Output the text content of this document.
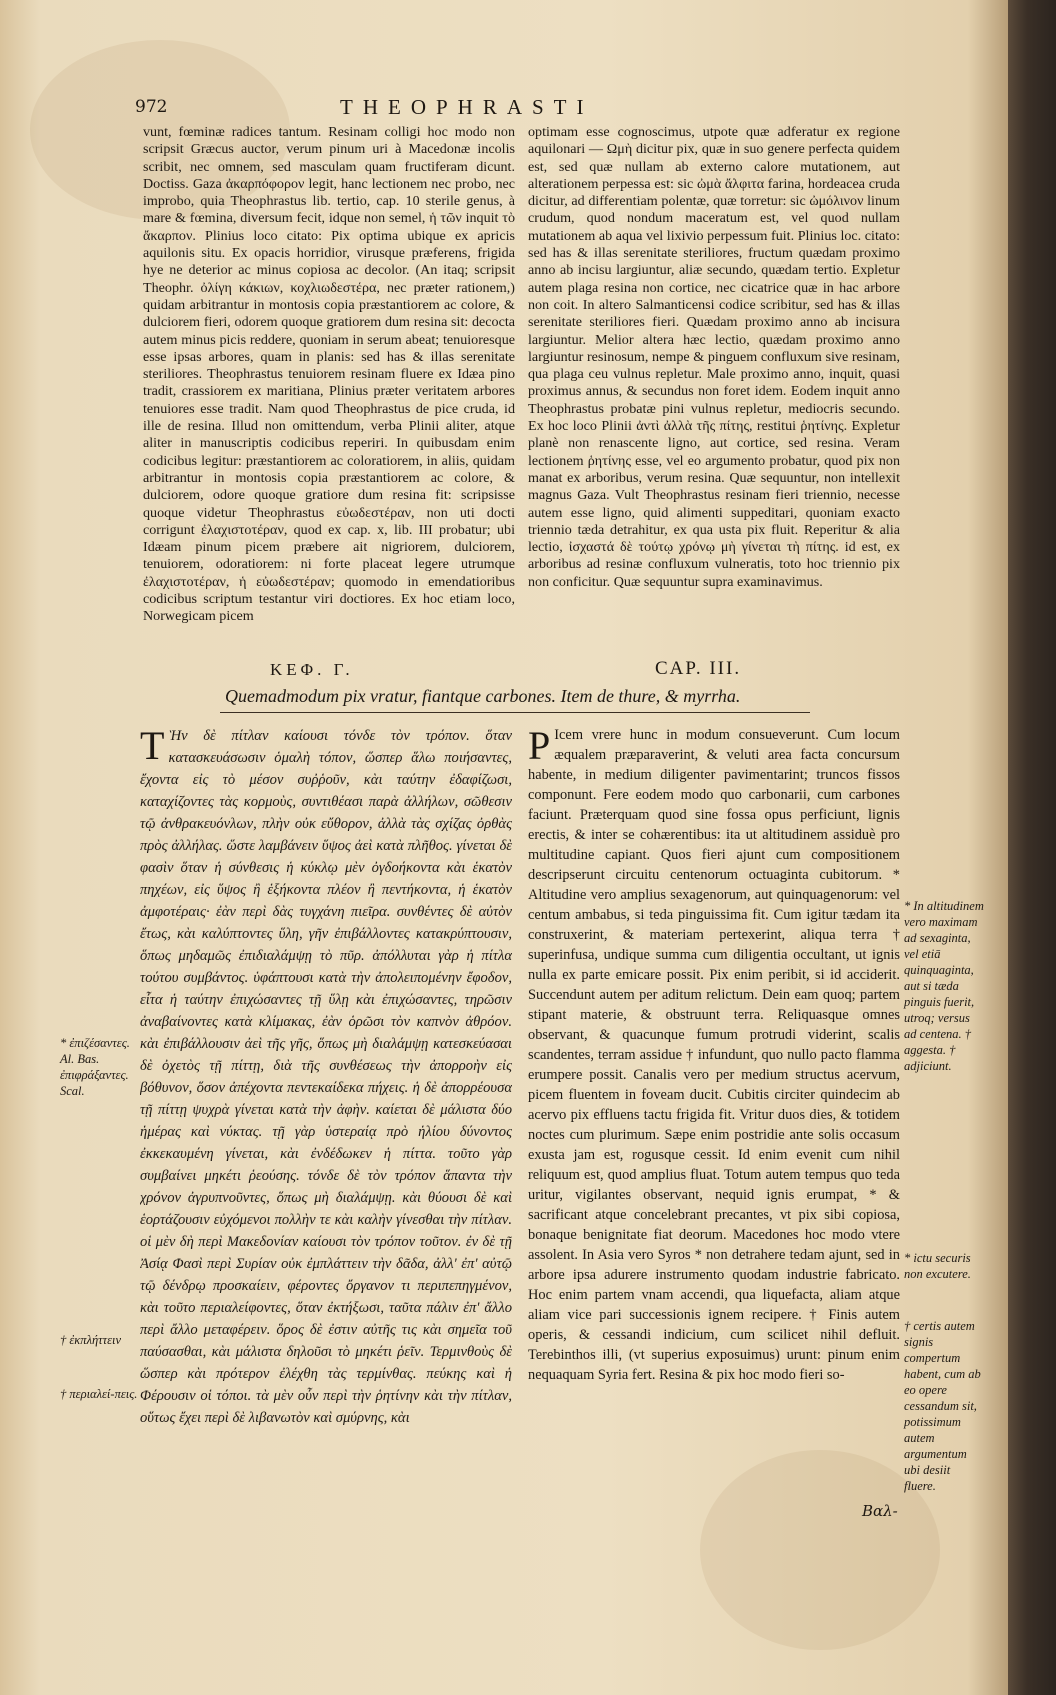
972	THEOPHRASTI
vunt, fœminæ radices tantum. Resinam colligi hoc modo non scripsit Græcus auctor, verum pinum uri à Macedonæ incolis scribit, nec omnem, sed masculam quam fructiferam dicunt. Doctiss. Gaza ἀκαρπόφορον legit, hanc lectionem nec probo, nec improbo, quia Theophrastus lib. tertio, cap. 10 sterile genus, à mare & fœmina, diversum fecit, idque non semel, ἡ τῶν inquit τὸ ἄκαρπον. Plinius loco citato: Pix optima ubique ex apricis aquilonis situ. Ex opacis horridior, virusque præferens, frigida hye ne deterior ac minus copiosa ac decolor. (An itaq; scripsit Theophr. ὀλίγη κάκιων, κοχλιωδεστέρα, nec præter rationem,) quidam arbitrantur in montosis copia præstantiorem ac colore, & dulciorem fieri, odorem quoque gratiorem dum resina sit: decocta autem minus picis reddere, quoniam in serum abeat; tenuioresque esse ipsas arbores, quam in planis: sed has & illas serenitate steriliores. Theophrastus tenuiorem resinam fluere ex Idæa pino tradit, crassiorem ex maritiana, Plinius præter veritatem arbores tenuiores esse tradit. Nam quod Theophrastus de pice cruda, id ille de resina. Illud non omittendum, verba Plinii aliter, atque aliter in manuscriptis codicibus reperiri. In quibusdam enim codicibus legitur: præstantiorem ac coloratiorem, in aliis, quidam arbitrantur in montosis copia præstantiorem ac colore, & dulciorem, odore quoque gratiore dum resina fit: scripsisse quoque videtur Theophrastus εὐωδεστέραν, non uti docti corrigunt ἐλαχιστοτέραν, quod ex cap. x, lib. III probatur; ubi Idæam pinum picem præbere ait nigriorem, dulciorem, tenuiorem, odoratiorem: ni forte placeat legere utrumque ἐλαχιστοτέραν, ἡ εὐωδεστέραν; quomodo in emendatioribus codicibus scriptum testantur viri doctiores. Ex hoc etiam loco, Norwegicam picem
optimam esse cognoscimus, utpote quæ adferatur ex regione aquilonari — Ωμὴ dicitur pix, quæ in suo genere perfecta quidem est, sed quæ nullam ab externo calore mutationem, aut alterationem perpessa est: sic ὠμὰ ἄλφιτα farina, hordeacea cruda dicitur, ad differentiam polentæ, quæ torretur: sic ὠμόλινον linum crudum, quod nondum maceratum est, vel quod nullam mutationem ab aqua vel lixivio perpessum fuit. Plinius loc. citato: sed has & illas serenitate steriliores, fructum quædam proximo anno ab incisu largiuntur, aliæ secundo, quædam tertio. Expletur autem plaga resina non cortice, nec cicatrice quæ in hac arbore non coit. In altero Salmanticensi codice scribitur, sed has & illas serenitate steriliores fieri. Quædam proximo anno ab incisura largiuntur. Melior altera hæc lectio, quædam proximo anno largiuntur resinosum, nempe & pinguem confluxum sive resinam, qua plaga ceu vulnus repletur. Male proximo anno, inquit, quasi proximus annus, & secundus non foret idem. Eodem inquit anno Theophrastus probatæ pini vulnus repletur, mediocris secundo. Ex hoc loco Plinii ἀντὶ ἀλλὰ τῆς πίτης, restitui ῥητίνης. Expletur planè non renascente ligno, aut cortice, sed resina. Veram lectionem ῥητίνης esse, vel eo argumento probatur, quod pix non manat ex arboribus, verum resina. Quæ sequuntur, non intellexit magnus Gaza. Vult Theophrastus resinam fieri triennio, necesse autem esse ligno, quid alimenti suppeditari, quoniam exacto triennio tæda detrahitur, ex qua usta pix fluit. Reperitur & alia lectio, ἰσχαστά δὲ τούτῳ χρόνῳ μὴ γίνεται τὴ πίτης. id est, ex arboribus ad resinæ confluxum vulneratis, toto hoc triennio pix non conficitur. Quæ sequuntur supra examinavimus.
ΚΕΦ. Γ.	CAP. III.
Quemadmodum pix vratur, fiantque carbones. Item de thure, & myrrha.
Τ Ὴν δὲ πίτλαν καίουσι τόνδε τὸν τρόπον. ὅταν κατασκευάσωσιν ὁμαλὴ τόπον, ὥσπερ ἅλω ποιήσαντες, ἔχοντα εἰς τὸ μέσον συῤῥοῦν, κὰι ταύτην ἐδαφίζωσι, καταχίζοντες τὰς κορμοὺς, συντιθέασι παρὰ ἀλλήλων, σῶθεσιν τῷ ἀνθρακευόνλων, πλὴν οὐκ εὔθορον, ἀλλὰ τὰς σχίζας ὀρθὰς πρὸς ἀλλήλας. ὥστε λαμβάνειν ὕψος ἀεὶ κατὰ πλῆθος. γίνεται δὲ φασὶν ὅταν ἡ σύνθεσις ἡ κύκλῳ μὲν ὀγδοήκοντα κὰι ἑκατὸν πηχέων, εἰς ὕψος ἢ ἑξήκοντα πλέον ἢ πεντήκοντα, ἡ ἑκατὸν ἀμφοτέραις· ἐὰν περὶ δὰς τυγχάνη πιεῖρα. συνθέντες δὲ αὐτὸν ἔτως, κὰι καλύπτοντες ὕλη, γῆν ἐπιβάλλοντες κατακρύπτουσιν, ὅπως μηδαμῶς ἐπιδιαλάμψῃ τὸ πῦρ. ἀπόλλυται γὰρ ἡ πίτλα τούτου συμβάντος. ὑφάπτουσι κατὰ τὴν ἀπολειπομένην ἔφοδον, εἶτα ἡ ταύτην ἐπιχώσαντες τῇ ὕλῃ κὰι ἐπιχώσαντες, τηρῶσιν ἀναβαίνοντες κατὰ κλίμακας, ἐὰν ὁρῶσι τὸν καπνὸν ἀθρόον. κὰι ἐπιβάλλουσιν ἀεὶ τῆς γῆς, ὅπως μὴ διαλάμψῃ κατεσκεύασαι δὲ ὀχετὸς τῇ πίττῃ, διὰ τῆς συνθέσεως τὴν ἀπορροὴν εἰς βόθυνον, ὅσον ἀπέχοντα πεντεκαίδεκα πήχεις. ἡ δὲ ἀπορρέουσα τῇ πίττῃ ψυχρὰ γίνεται κατὰ τὴν ἀφὴν. καίεται δὲ μάλιστα δύο ἡμέρας καὶ νύκτας. τῇ γὰρ ὑστεραίᾳ πρὸ ἡλίου δύνοντος ἐκκεκαυμένη γίνεται, κὰι ἐνδέδωκεν ἡ πίττα. τοῦτο γὰρ συμβαίνει μηκέτι ῥεούσης. τόνδε δὲ τὸν τρόπον ἅπαντα τὴν χρόνον ἀγρυπνοῦντες, ὅπως μὴ διαλάμψῃ. κὰι θύουσι δὲ καὶ ἑορτάζουσιν εὐχόμενοι πολλὴν τε κὰι καλὴν γίνεσθαι τὴν πίτλαν. οἱ μὲν δὴ περὶ Μακεδονίαν καίουσι τὸν τρόπον τοῦτον. ἐν δὲ τῇ Ἀσίᾳ Φασὶ περὶ Συρίαν οὐκ ἐμπλάττειν τὴν δᾶδα, ἀλλ' ἐπ' αὐτῷ τῷ δένδρῳ προσκαίειν, φέροντες ὄργανον τι περιπεπηγμένον, κὰι τοῦτο περιαλείφοντες, ὅταν ἐκτήξωσι, ταῦτα πάλιν ἐπ' ἄλλο περὶ ἄλλο μεταφέρειν. ὅρος δὲ ἐστιν αὐτῆς τις κὰι σημεῖα τοῦ παύσασθαι, κὰι μάλιστα δηλοῦσι τὸ μηκέτι ῥεῖν. Τερμινθοὺς δὲ ὥσπερ κὰι πρότερον ἐλέχθη τὰς τερμίνθας. πεύκης καὶ ἡ Φέρουσιν οἱ τόποι. τὰ μὲν οὖν περὶ τὴν ῥητίνην κὰι τὴν πίτλαν, οὕτως ἔχει περὶ δὲ λιβανωτὸν καὶ σμύρνης, κὰι
P Icem vrere hunc in modum consueverunt. Cum locum æqualem præparaverint, & veluti area facta concursum habente, in medium diligenter pavimentarint; truncos fissos componunt. Fere eodem modo quo carbonarii, cum carbones faciunt. Præterquam quod sine fossa opus perficiunt, lignis erectis, & inter se cohærentibus: ita ut altitudinem assiduè pro multitudine capiant. Quos fieri ajunt cum compositionem descripserunt circuitu centenorum octuaginta cubitorum. * Altitudine vero amplius sexagenorum, aut quinquagenorum: vel centum ambabus, si teda pinguissima fit. Cum igitur tædam ita construxerint, & materiam pertexerint, aliqua terra † superinfusa, undique summa cum diligentia occultant, ut ignis nulla ex parte emicare possit. Pix enim peribit, si id acciderit. Succendunt autem per aditum relictum. Dein eam quoq; partem stipant materie, & obstruunt terra. Reliquasque omnes observant, & quacunque fumum protrudi viderint, scalis scandentes, terram assidue † infundunt, quo nullo pacto flamma erumpere possit. Canalis vero per medium structus acervum, picem fluentem in foveam ducit. Cubitis circiter quindecim ab acervo pix effluens tactu frigida fit. Vritur duos dies, & totidem noctes cum plurimum. Sæpe enim postridie ante solis occasum exusta jam est, rogusque cessit. Id enim evenit cum nihil reliquum est, quod amplius fluat. Totum autem tempus quo teda uritur, vigilantes observant, nequid ignis erumpat, * & sacrificant atque concelebrant precantes, vt pix sibi copiosa, bonaque benignitate fiat deorum. Macedones hoc modo vtere assolent. In Asia vero Syros * non detrahere tedam ajunt, sed in arbore ipsa adurere instrumento quodam industrie fabricato. Hoc enim partem vnam accendi, qua liquefacta, aliam atque aliam vice pari successionis ignem recipere. † Finis autem operis, & cessandi indicium, cum scilicet nihil defluit. Terebinthos illi, (vt superius exposuimus) urunt: pinum enim nequaquam Syria fert. Resina & pix hoc modo fieri so-
* ἐπιζέσαντες. Al. Bas. ἐπιφράξαντες. Scal.
† ἐκπλήττειν
† περιαλεί-πεις.
* In altitudinem vero maximam ad sexaginta, vel etiā quinquaginta, aut si tæda pinguis fuerit, utroq; versus ad centena. † aggesta. † adjiciunt.
* ictu securis non excutere.
† certis autem signis compertum habent, cum ab eo opere cessandum sit, potissimum autem argumentum ubi desiit fluere.
Βαλ-
